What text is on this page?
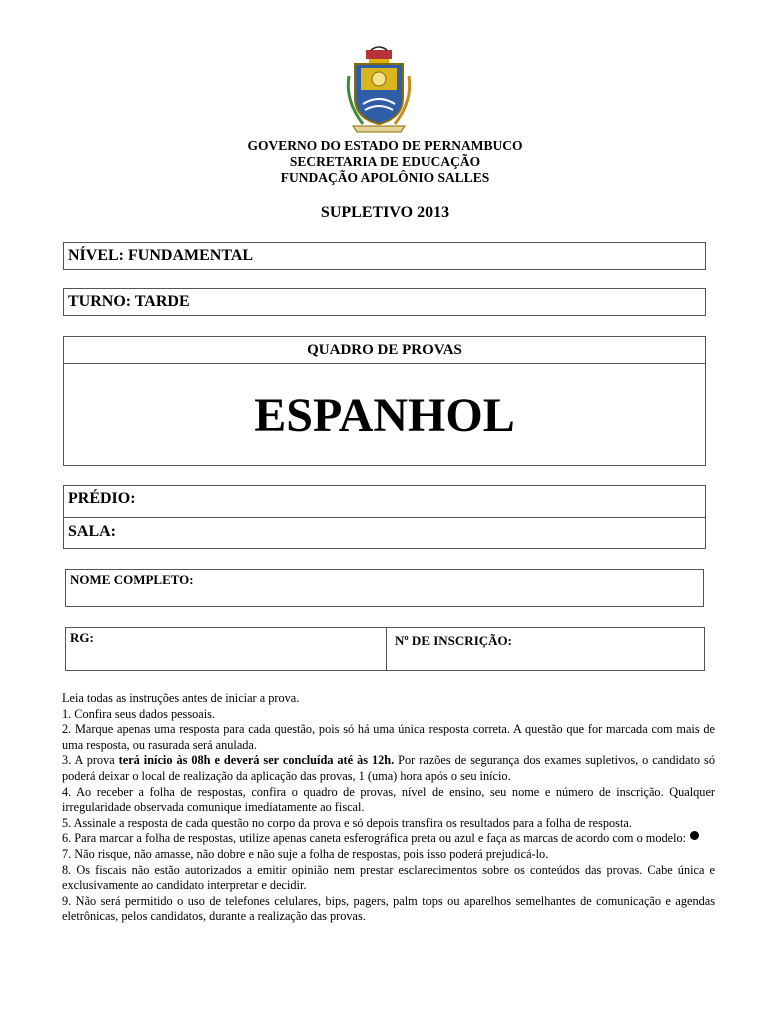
GOVERNO DO ESTADO DE PERNAMBUCO
SECRETARIA DE EDUCAÇÃO
FUNDAÇÃO APOLÔNIO SALLES
SUPLETIVO 2013
NÍVEL: FUNDAMENTAL
TURNO: TARDE
QUADRO DE PROVAS
ESPANHOL
PRÉDIO:
SALA:
NOME COMPLETO:
RG:	Nº DE INSCRIÇÃO:

Leia todas as instruções antes de iniciar a prova.

1. Confira seus dados pessoais.

2. Marque apenas uma resposta para cada questão, pois só há uma única resposta correta. A questão que for marcada com mais de uma resposta, ou rasurada será anulada.

3. A prova terá início às 08h e deverá ser concluída até às 12h. Por razões de segurança dos exames supletivos, o candidato só poderá deixar o local de realização da aplicação das provas, 1 (uma) hora após o seu início.

4. Ao receber a folha de respostas, confira o quadro de provas, nível de ensino, seu nome e número de inscrição. Qualquer irregularidade observada comunique imediatamente ao fiscal.

5. Assinale a resposta de cada questão no corpo da prova e só depois transfira os resultados para a folha de resposta.

6. Para marcar a folha de respostas, utilize apenas caneta esferográfica preta ou azul e faça as marcas de acordo com o modelo:

7. Não risque, não amasse, não dobre e não suje a folha de respostas, pois isso poderá prejudicá-lo.

8. Os fiscais não estão autorizados a emitir opinião nem prestar esclarecimentos sobre os conteúdos das provas. Cabe única e exclusivamente ao candidato interpretar e decidir.

9. Não será permitido o uso de telefones celulares, bips, pagers, palm tops ou aparelhos semelhantes de comunicação e agendas eletrônicas, pelos candidatos, durante a realização das provas.
